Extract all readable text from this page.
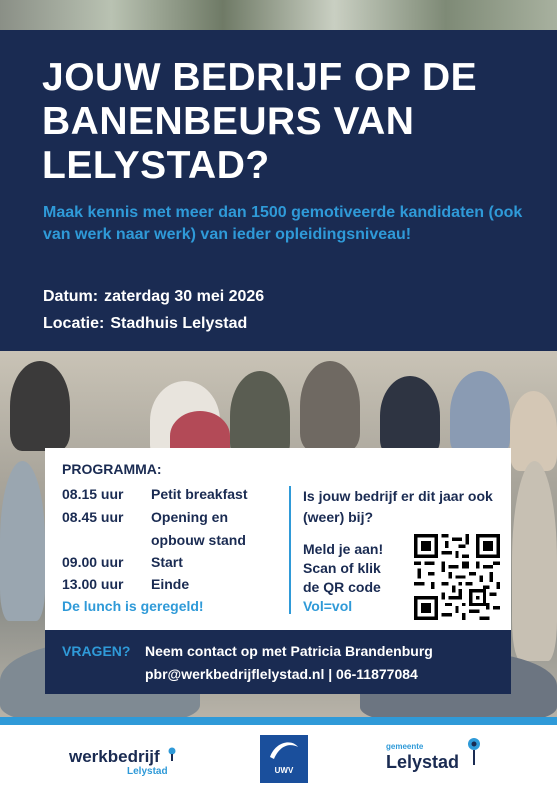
JOUW BEDRIJF OP DE BANENBEURS VAN LELYSTAD?
Maak kennis met meer dan 1500 gemotiveerde kandidaten (ook van werk naar werk) van ieder opleidingsniveau!
Datum: zaterdag 30 mei 2026
Locatie: Stadhuis Lelystad
PROGRAMMA:
08.15 uur Petit breakfast
08.45 uur Opening en
opbouw stand
09.00 uur Start
13.00 uur Einde
De lunch is geregeld!
Is jouw bedrijf er dit jaar ook (weer) bij?
Meld je aan!
Scan of klik
de QR code
Vol=vol
VRAGEN? Neem contact op met Patricia Brandenburg
pbr@werkbedrijflelystad.nl | 06-11877084
werkbedrijf
Lelystad	UWV
gemeente
Lelystad
